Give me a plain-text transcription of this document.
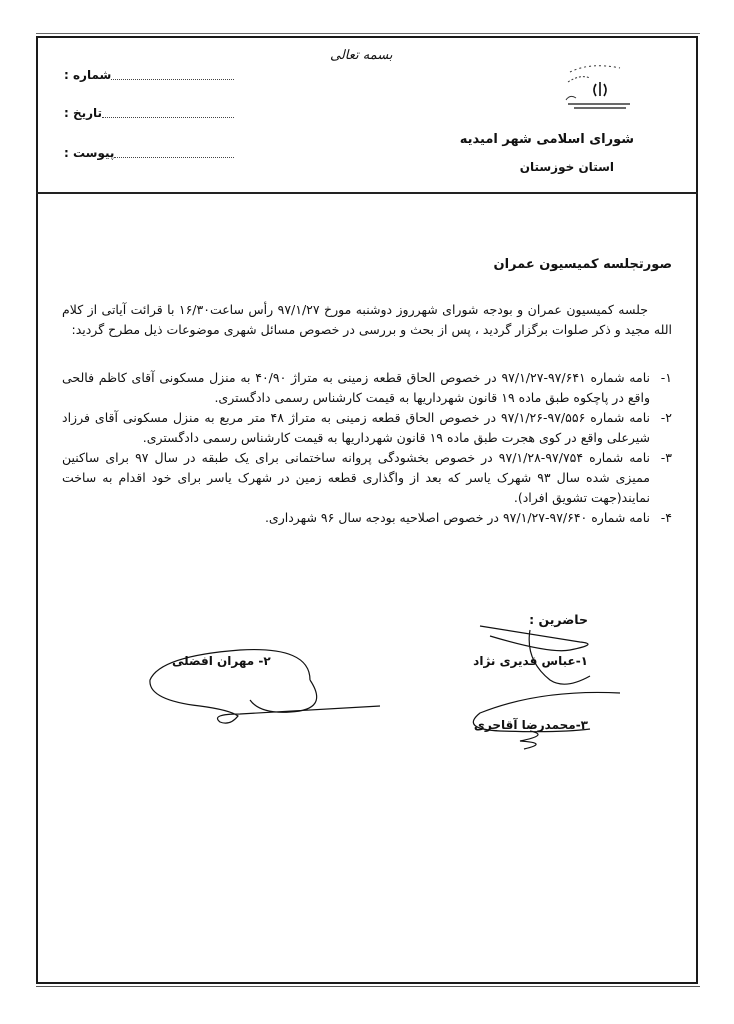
شورای اسلامی شهر امیدیه
استان خوزستان
بسمه تعالی
شماره :
تاریخ :
پیوست :
صورتجلسه کمیسیون عمران
جلسه کمیسیون عمران و بودجه شورای شهرروز دوشنبه مورخ ۹۷/۱/۲۷ رأس ساعت۱۶/۳۰ با قرائت آیاتی از کلام الله مجید و ذکر صلوات برگزار گردید ، پس از بحث و بررسی در خصوص مسائل شهری موضوعات ذیل مطرح گردید:
۱-
نامه شماره ۹۷/۶۴۱-۹۷/۱/۲۷ در خصوص الحاق قطعه زمینی به متراژ ۴۰/۹۰ به منزل مسکونی آقای کاظم فالحی واقع در پاچکوه طبق ماده ۱۹ قانون شهرداریها به قیمت کارشناس رسمی دادگستری.
۲-
نامه شماره ۹۷/۵۵۶-۹۷/۱/۲۶ در خصوص الحاق قطعه زمینی به متراژ ۴۸ متر مربع به منزل مسکونی آقای فرزاد شیرعلی واقع در کوی هجرت طبق ماده ۱۹ قانون شهرداریها به قیمت کارشناس رسمی دادگستری.
۳-
نامه شماره ۹۷/۷۵۴-۹۷/۱/۲۸ در خصوص بخشودگی پروانه ساختمانی برای یک طبقه در سال ۹۷ برای ساکنین ممیزی شده سال ۹۳ شهرک یاسر که بعد از واگذاری قطعه زمین در شهرک یاسر برای خود اقدام به ساخت نمایند(جهت تشویق افراد).
۴-
نامه شماره ۹۷/۶۴۰-۹۷/۱/۲۷ در خصوص اصلاحیه بودجه سال ۹۶ شهرداری.
حاضرین :
۱-عباس قدیری نژاد
۲- مهران افضلی
۳-محمدرضا آقاجری
